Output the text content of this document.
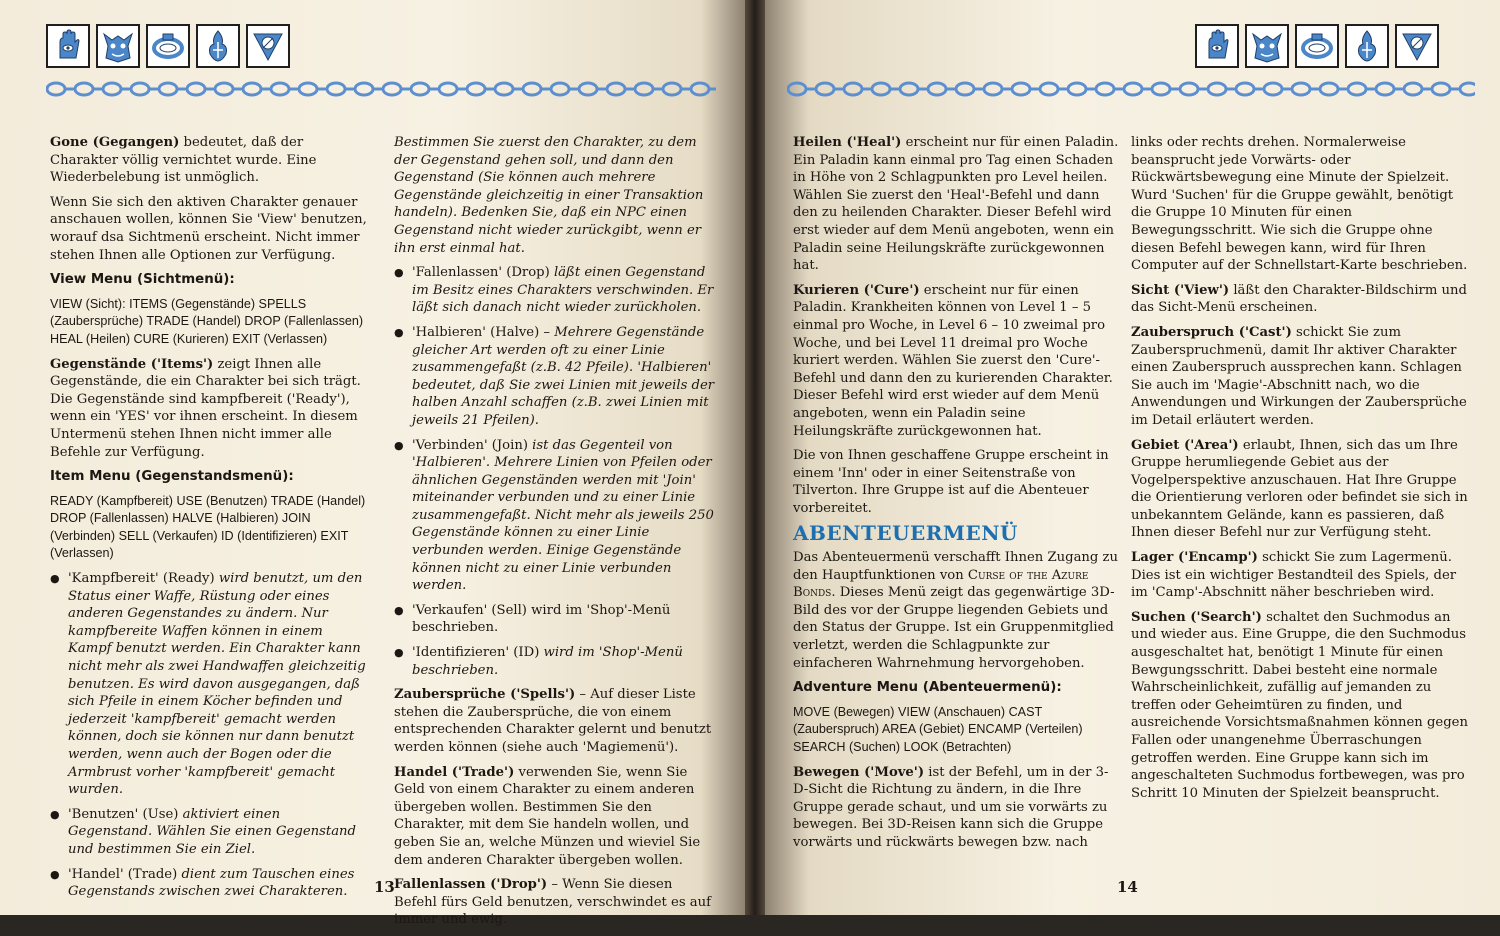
Gone (Gegangen) bedeutet, daß der Charakter völlig vernichtet wurde. Eine Wiederbelebung ist unmöglich.

Wenn Sie sich den aktiven Charakter genauer anschauen wollen, können Sie 'View' benutzen, worauf dsa Sichtmenü erscheint. Nicht immer stehen Ihnen alle Optionen zur Verfügung.

View Menu (Sichtmenü):

VIEW (Sicht): ITEMS (Gegenstände) SPELLS (Zaubersprüche) TRADE (Handel) DROP (Fallenlassen) HEAL (Heilen) CURE (Kurieren) EXIT (Verlassen)

Gegenstände ('Items') zeigt Ihnen alle Gegenstände, die ein Charakter bei sich trägt. Die Gegenstände sind kampfbereit ('Ready'), wenn ein 'YES' vor ihnen erscheint. In diesem Untermenü stehen Ihnen nicht immer alle Befehle zur Verfügung.

Item Menu (Gegenstandsmenü):

READY (Kampfbereit) USE (Benutzen) TRADE (Handel) DROP (Fallenlassen) HALVE (Halbieren) JOIN (Verbinden) SELL (Verkaufen) ID (Identifizieren) EXIT (Verlassen)

● 'Kampfbereit' (Ready) wird benutzt, um den Status einer Waffe, Rüstung oder eines anderen Gegenstandes zu ändern. Nur kampfbereite Waffen können in einem Kampf benutzt werden. Ein Charakter kann nicht mehr als zwei Handwaffen gleichzeitig benutzen. Es wird davon ausgegangen, daß sich Pfeile in einem Köcher befinden und jederzeit 'kampfbereit' gemacht werden können, doch sie können nur dann benutzt werden, wenn auch der Bogen oder die Armbrust vorher 'kampfbereit' gemacht wurden.

● 'Benutzen' (Use) aktiviert einen Gegenstand. Wählen Sie einen Gegenstand und bestimmen Sie ein Ziel.

● 'Handel' (Trade) dient zum Tauschen eines Gegenstands zwischen zwei Charakteren.

Bestimmen Sie zuerst den Charakter, zu dem der Gegenstand gehen soll, und dann den Gegenstand (Sie können auch mehrere Gegenstände gleichzeitig in einer Transaktion handeln). Bedenken Sie, daß ein NPC einen Gegenstand nicht wieder zurückgibt, wenn er ihn erst einmal hat.

● 'Fallenlassen' (Drop) läßt einen Gegenstand im Besitz eines Charakters verschwinden. Er läßt sich danach nicht wieder zurückholen.

● 'Halbieren' (Halve) – Mehrere Gegenstände gleicher Art werden oft zu einer Linie zusammengefaßt (z.B. 42 Pfeile). 'Halbieren' bedeutet, daß Sie zwei Linien mit jeweils der halben Anzahl schaffen (z.B. zwei Linien mit jeweils 21 Pfeilen).

● 'Verbinden' (Join) ist das Gegenteil von 'Halbieren'. Mehrere Linien von Pfeilen oder ähnlichen Gegenständen werden mit 'Join' miteinander verbunden und zu einer Linie zusammengefaßt. Nicht mehr als jeweils 250 Gegenstände können zu einer Linie verbunden werden. Einige Gegenstände können nicht zu einer Linie verbunden werden.

● 'Verkaufen' (Sell) wird im 'Shop'-Menü beschrieben.

● 'Identifizieren' (ID) wird im 'Shop'-Menü beschrieben.

Zaubersprüche ('Spells') – Auf dieser Liste stehen die Zaubersprüche, die von einem entsprechenden Charakter gelernt und benutzt werden können (siehe auch 'Magiemenü').

Handel ('Trade') verwenden Sie, wenn Sie Geld von einem Charakter zu einem anderen übergeben wollen. Bestimmen Sie den Charakter, mit dem Sie handeln wollen, und geben Sie an, welche Münzen und wieviel Sie dem anderen Charakter übergeben wollen.

Fallenlassen ('Drop') – Wenn Sie diesen Befehl fürs Geld benutzen, verschwindet es auf immer und ewig.

13

Heilen ('Heal') erscheint nur für einen Paladin. Ein Paladin kann einmal pro Tag einen Schaden in Höhe von 2 Schlagpunkten pro Level heilen. Wählen Sie zuerst den 'Heal'-Befehl und dann den zu heilenden Charakter. Dieser Befehl wird erst wieder auf dem Menü angeboten, wenn ein Paladin seine Heilungskräfte zurückgewonnen hat.

Kurieren ('Cure') erscheint nur für einen Paladin. Krankheiten können von Level 1 – 5 einmal pro Woche, in Level 6 – 10 zweimal pro Woche, und bei Level 11 dreimal pro Woche kuriert werden. Wählen Sie zuerst den 'Cure'-Befehl und dann den zu kurierenden Charakter. Dieser Befehl wird erst wieder auf dem Menü angeboten, wenn ein Paladin seine Heilungskräfte zurückgewonnen hat.

Die von Ihnen geschaffene Gruppe erscheint in einem 'Inn' oder in einer Seitenstraße von Tilverton. Ihre Gruppe ist auf die Abenteuer vorbereitet.

ABENTEUERMENÜ

Das Abenteuermenü verschafft Ihnen Zugang zu den Hauptfunktionen von Curse of the Azure Bonds. Dieses Menü zeigt das gegenwärtige 3D-Bild des vor der Gruppe liegenden Gebiets und den Status der Gruppe. Ist ein Gruppenmitglied verletzt, werden die Schlagpunkte zur einfacheren Wahrnehmung hervorgehoben.

Adventure Menu (Abenteuermenü):

MOVE (Bewegen) VIEW (Anschauen) CAST (Zauberspruch) AREA (Gebiet) ENCAMP (Verteilen) SEARCH (Suchen) LOOK (Betrachten)

Bewegen ('Move') ist der Befehl, um in der 3-D-Sicht die Richtung zu ändern, in die Ihre Gruppe gerade schaut, und um sie vorwärts zu bewegen. Bei 3D-Reisen kann sich die Gruppe vorwärts und rückwärts bewegen bzw. nach

links oder rechts drehen. Normalerweise beansprucht jede Vorwärts- oder Rückwärtsbewegung eine Minute der Spielzeit. Wurd 'Suchen' für die Gruppe gewählt, benötigt die Gruppe 10 Minuten für einen Bewegungsschritt. Wie sich die Gruppe ohne diesen Befehl bewegen kann, wird für Ihren Computer auf der Schnellstart-Karte beschrieben.

Sicht ('View') läßt den Charakter-Bildschirm und das Sicht-Menü erscheinen.

Zauberspruch ('Cast') schickt Sie zum Zauberspruchmenü, damit Ihr aktiver Charakter einen Zauberspruch aussprechen kann. Schlagen Sie auch im 'Magie'-Abschnitt nach, wo die Anwendungen und Wirkungen der Zaubersprüche im Detail erläutert werden.

Gebiet ('Area') erlaubt, Ihnen, sich das um Ihre Gruppe herumliegende Gebiet aus der Vogelperspektive anzuschauen. Hat Ihre Gruppe die Orientierung verloren oder befindet sie sich in unbekanntem Gelände, kann es passieren, daß Ihnen dieser Befehl nur zur Verfügung steht.

Lager ('Encamp') schickt Sie zum Lagermenü. Dies ist ein wichtiger Bestandteil des Spiels, der im 'Camp'-Abschnitt näher beschrieben wird.

Suchen ('Search') schaltet den Suchmodus an und wieder aus. Eine Gruppe, die den Suchmodus ausgeschaltet hat, benötigt 1 Minute für einen Bewgungsschritt. Dabei besteht eine normale Wahrscheinlichkeit, zufällig auf jemanden zu treffen oder Geheimtüren zu finden, und ausreichende Vorsichtsmaßnahmen können gegen Fallen oder unangenehme Überraschungen getroffen werden. Eine Gruppe kann sich im angeschalteten Suchmodus fortbewegen, was pro Schritt 10 Minuten der Spielzeit beansprucht.

14
